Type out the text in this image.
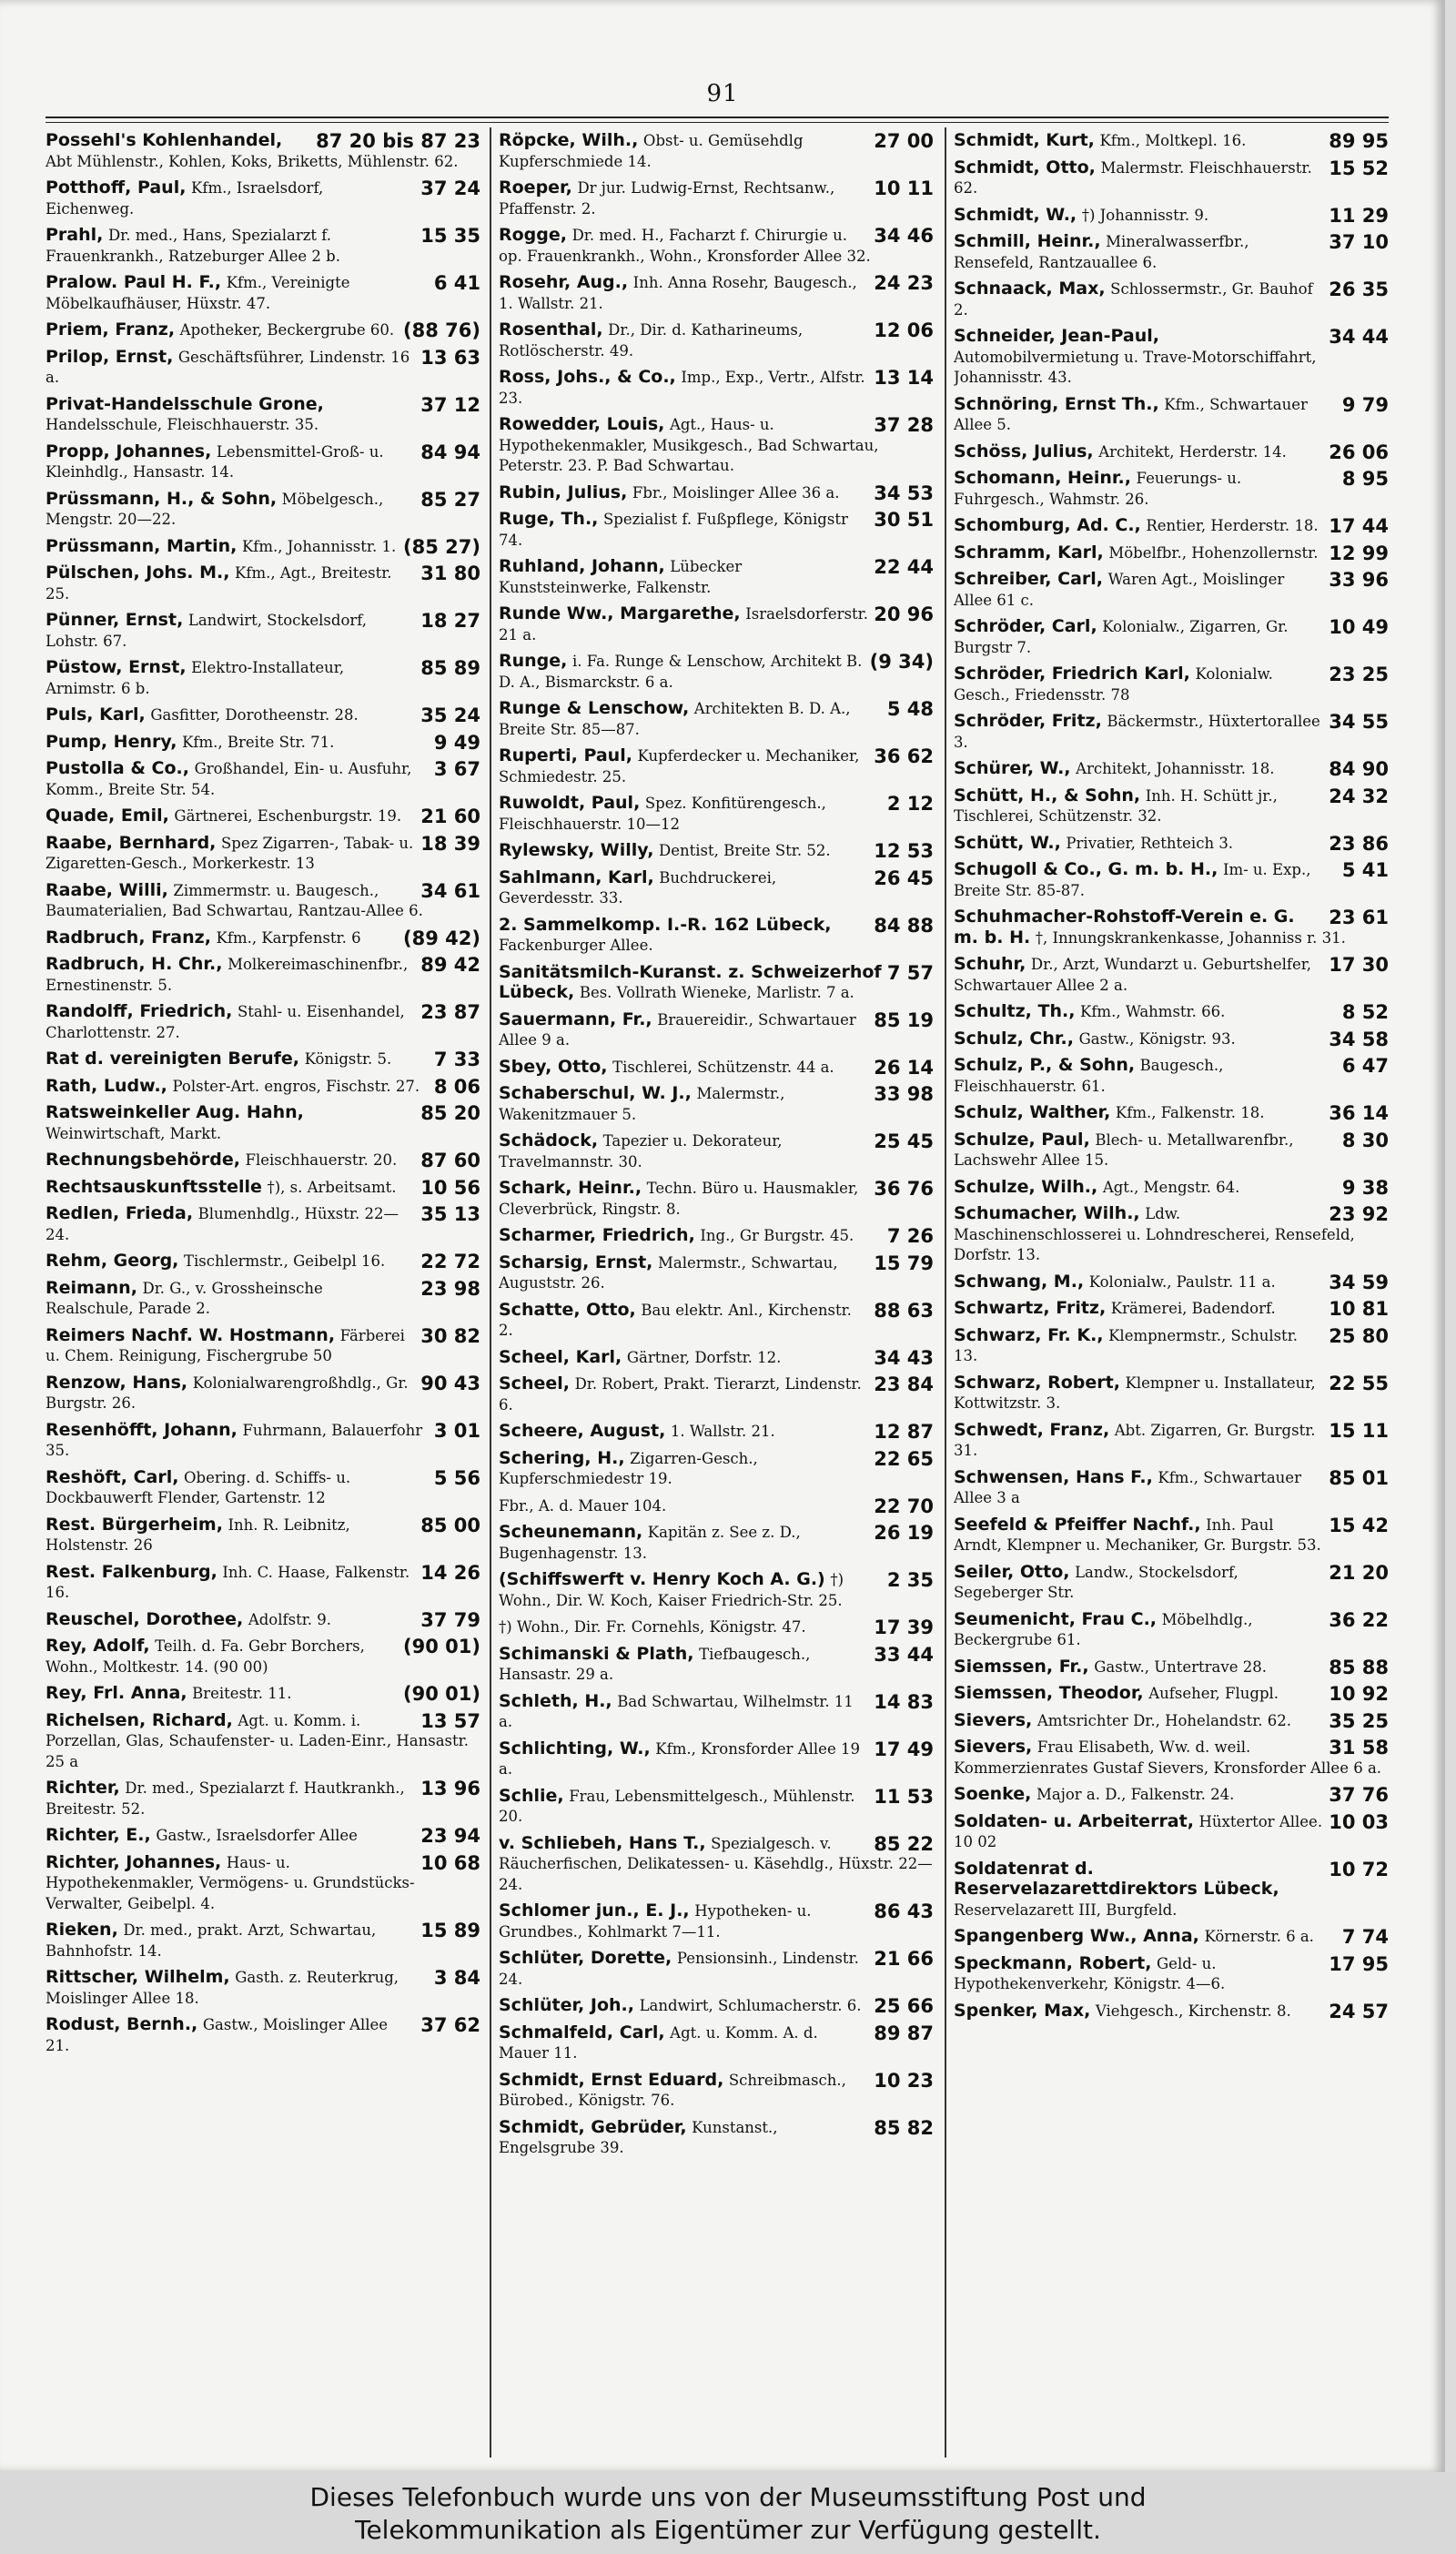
91
87 20 bis 87 23
Possehl's Kohlenhandel, Abt Mühlenstr., Kohlen, Koks, Briketts, Mühlenstr. 62.
37 24
Potthoff, Paul, Kfm., Israelsdorf, Eichenweg.
15 35
Prahl, Dr. med., Hans, Spezialarzt f. Frauenkrankh., Ratzeburger Allee 2 b.
6 41
Pralow. Paul H. F., Kfm., Vereinigte Möbelkaufhäuser, Hüxstr. 47.
(88 76)
Priem, Franz, Apotheker, Beckergrube 60.
13 63
Prilop, Ernst, Geschäftsführer, Lindenstr. 16 a.
37 12
Privat-Handelsschule Grone, Handelsschule, Fleischhauerstr. 35.
84 94
Propp, Johannes, Lebensmittel-Groß- u. Kleinhdlg., Hansastr. 14.
85 27
Prüssmann, H., & Sohn, Möbelgesch., Mengstr. 20—22.
(85 27)
Prüssmann, Martin, Kfm., Johannisstr. 1.
31 80
Pülschen, Johs. M., Kfm., Agt., Breitestr. 25.
18 27
Pünner, Ernst, Landwirt, Stockelsdorf, Lohstr. 67.
85 89
Püstow, Ernst, Elektro-Installateur, Arnimstr. 6 b.
35 24
Puls, Karl, Gasfitter, Dorotheenstr. 28.
9 49
Pump, Henry, Kfm., Breite Str. 71.
3 67
Pustolla & Co., Großhandel, Ein- u. Ausfuhr, Komm., Breite Str. 54.
21 60
Quade, Emil, Gärtnerei, Eschenburgstr. 19.
18 39
Raabe, Bernhard, Spez Zigarren-, Tabak- u. Zigaretten-Gesch., Morkerkestr. 13
34 61
Raabe, Willi, Zimmermstr. u. Baugesch., Baumaterialien, Bad Schwartau, Rantzau-Allee 6.
(89 42)
Radbruch, Franz, Kfm., Karpfenstr. 6
89 42
Radbruch, H. Chr., Molkereimaschinenfbr., Ernestinenstr. 5.
23 87
Randolff, Friedrich, Stahl- u. Eisenhandel, Charlottenstr. 27.
7 33
Rat d. vereinigten Berufe, Königstr. 5.
8 06
Rath, Ludw., Polster-Art. engros, Fischstr. 27.
85 20
Ratsweinkeller Aug. Hahn, Weinwirtschaft, Markt.
87 60
Rechnungsbehörde, Fleischhauerstr. 20.
10 56
Rechtsauskunftsstelle †), s. Arbeitsamt.
35 13
Redlen, Frieda, Blumenhdlg., Hüxstr. 22—24.
22 72
Rehm, Georg, Tischlermstr., Geibelpl 16.
23 98
Reimann, Dr. G., v. Grossheinsche Realschule, Parade 2.
30 82
Reimers Nachf. W. Hostmann, Färberei u. Chem. Reinigung, Fischergrube 50
90 43
Renzow, Hans, Kolonialwarengroßhdlg., Gr. Burgstr. 26.
3 01
Resenhöfft, Johann, Fuhrmann, Balauerfohr 35.
5 56
Reshöft, Carl, Obering. d. Schiffs- u. Dockbauwerft Flender, Gartenstr. 12
85 00
Rest. Bürgerheim, Inh. R. Leibnitz, Holstenstr. 26
14 26
Rest. Falkenburg, Inh. C. Haase, Falkenstr. 16.
37 79
Reuschel, Dorothee, Adolfstr. 9.
(90 01)
Rey, Adolf, Teilh. d. Fa. Gebr Borchers, Wohn., Moltkestr. 14. (90 00)
(90 01)
Rey, Frl. Anna, Breitestr. 11.
13 57
Richelsen, Richard, Agt. u. Komm. i. Porzellan, Glas, Schaufenster- u. Laden-Einr., Hansastr. 25 a
13 96
Richter, Dr. med., Spezialarzt f. Hautkrankh., Breitestr. 52.
23 94
Richter, E., Gastw., Israelsdorfer Allee
10 68
Richter, Johannes, Haus- u. Hypothekenmakler, Vermögens- u. Grundstücks-Verwalter, Geibelpl. 4.
15 89
Rieken, Dr. med., prakt. Arzt, Schwartau, Bahnhofstr. 14.
3 84
Rittscher, Wilhelm, Gasth. z. Reuterkrug, Moislinger Allee 18.
37 62
Rodust, Bernh., Gastw., Moislinger Allee 21.
27 00
Röpcke, Wilh., Obst- u. Gemüsehdlg Kupferschmiede 14.
10 11
Roeper, Dr jur. Ludwig-Ernst, Rechtsanw., Pfaffenstr. 2.
34 46
Rogge, Dr. med. H., Facharzt f. Chirurgie u. op. Frauenkrankh., Wohn., Kronsforder Allee 32.
24 23
Rosehr, Aug., Inh. Anna Rosehr, Baugesch., 1. Wallstr. 21.
12 06
Rosenthal, Dr., Dir. d. Katharineums, Rotlöscherstr. 49.
13 14
Ross, Johs., & Co., Imp., Exp., Vertr., Alfstr. 23.
37 28
Rowedder, Louis, Agt., Haus- u. Hypothekenmakler, Musikgesch., Bad Schwartau, Peterstr. 23. P. Bad Schwartau.
34 53
Rubin, Julius, Fbr., Moislinger Allee 36 a.
30 51
Ruge, Th., Spezialist f. Fußpflege, Königstr 74.
22 44
Ruhland, Johann, Lübecker Kunststeinwerke, Falkenstr.
20 96
Runde Ww., Margarethe, Israelsdorferstr. 21 a.
(9 34)
Runge, i. Fa. Runge & Lenschow, Architekt B. D. A., Bismarckstr. 6 a.
5 48
Runge & Lenschow, Architekten B. D. A., Breite Str. 85—87.
36 62
Ruperti, Paul, Kupferdecker u. Mechaniker, Schmiedestr. 25.
2 12
Ruwoldt, Paul, Spez. Konfitürengesch., Fleischhauerstr. 10—12
12 53
Rylewsky, Willy, Dentist, Breite Str. 52.
26 45
Sahlmann, Karl, Buchdruckerei, Geverdesstr. 33.
84 88
2. Sammelkomp. I.-R. 162 Lübeck, Fackenburger Allee.
7 57
Sanitätsmilch-Kuranst. z. Schweizerhof Lübeck, Bes. Vollrath Wieneke, Marlistr. 7 a.
85 19
Sauermann, Fr., Brauereidir., Schwartauer Allee 9 a.
26 14
Sbey, Otto, Tischlerei, Schützenstr. 44 a.
33 98
Schaberschul, W. J., Malermstr., Wakenitzmauer 5.
25 45
Schädock, Tapezier u. Dekorateur, Travelmannstr. 30.
36 76
Schark, Heinr., Techn. Büro u. Hausmakler, Cleverbrück, Ringstr. 8.
7 26
Scharmer, Friedrich, Ing., Gr Burgstr. 45.
15 79
Scharsig, Ernst, Malermstr., Schwartau, Auguststr. 26.
88 63
Schatte, Otto, Bau elektr. Anl., Kirchenstr. 2.
34 43
Scheel, Karl, Gärtner, Dorfstr. 12.
23 84
Scheel, Dr. Robert, Prakt. Tierarzt, Lindenstr. 6.
12 87
Scheere, August, 1. Wallstr. 21.
22 65
Schering, H., Zigarren-Gesch., Kupferschmiedestr 19.
22 70
Fbr., A. d. Mauer 104.
26 19
Scheunemann, Kapitän z. See z. D., Bugenhagenstr. 13.
2 35
(Schiffswerft v. Henry Koch A. G.) †) Wohn., Dir. W. Koch, Kaiser Friedrich-Str. 25.
17 39
†) Wohn., Dir. Fr. Cornehls, Königstr. 47.
33 44
Schimanski & Plath, Tiefbaugesch., Hansastr. 29 a.
14 83
Schleth, H., Bad Schwartau, Wilhelmstr. 11 a.
17 49
Schlichting, W., Kfm., Kronsforder Allee 19 a.
11 53
Schlie, Frau, Lebensmittelgesch., Mühlenstr. 20.
85 22
v. Schliebeh, Hans T., Spezialgesch. v. Räucherfischen, Delikatessen- u. Käsehdlg., Hüxstr. 22—24.
86 43
Schlomer jun., E. J., Hypotheken- u. Grundbes., Kohlmarkt 7—11.
21 66
Schlüter, Dorette, Pensionsinh., Lindenstr. 24.
25 66
Schlüter, Joh., Landwirt, Schlumacherstr. 6.
89 87
Schmalfeld, Carl, Agt. u. Komm. A. d. Mauer 11.
10 23
Schmidt, Ernst Eduard, Schreibmasch., Bürobed., Königstr. 76.
85 82
Schmidt, Gebrüder, Kunstanst., Engelsgrube 39.
89 95
Schmidt, Kurt, Kfm., Moltkepl. 16.
15 52
Schmidt, Otto, Malermstr. Fleischhauerstr. 62.
11 29
Schmidt, W., †) Johannisstr. 9.
37 10
Schmill, Heinr., Mineralwasserfbr., Rensefeld, Rantzauallee 6.
26 35
Schnaack, Max, Schlossermstr., Gr. Bauhof 2.
34 44
Schneider, Jean-Paul, Automobilvermietung u. Trave-Motorschiffahrt, Johannisstr. 43.
9 79
Schnöring, Ernst Th., Kfm., Schwartauer Allee 5.
26 06
Schöss, Julius, Architekt, Herderstr. 14.
8 95
Schomann, Heinr., Feuerungs- u. Fuhrgesch., Wahmstr. 26.
17 44
Schomburg, Ad. C., Rentier, Herderstr. 18.
12 99
Schramm, Karl, Möbelfbr., Hohenzollernstr.
33 96
Schreiber, Carl, Waren Agt., Moislinger Allee 61 c.
10 49
Schröder, Carl, Kolonialw., Zigarren, Gr. Burgstr 7.
23 25
Schröder, Friedrich Karl, Kolonialw. Gesch., Friedensstr. 78
34 55
Schröder, Fritz, Bäckermstr., Hüxtertorallee 3.
84 90
Schürer, W., Architekt, Johannisstr. 18.
24 32
Schütt, H., & Sohn, Inh. H. Schütt jr., Tischlerei, Schützenstr. 32.
23 86
Schütt, W., Privatier, Rethteich 3.
5 41
Schugoll & Co., G. m. b. H., Im- u. Exp., Breite Str. 85-87.
23 61
Schuhmacher-Rohstoff-Verein e. G. m. b. H. †, Innungskrankenkasse, Johanniss r. 31.
17 30
Schuhr, Dr., Arzt, Wundarzt u. Geburtshelfer, Schwartauer Allee 2 a.
8 52
Schultz, Th., Kfm., Wahmstr. 66.
34 58
Schulz, Chr., Gastw., Königstr. 93.
6 47
Schulz, P., & Sohn, Baugesch., Fleischhauerstr. 61.
36 14
Schulz, Walther, Kfm., Falkenstr. 18.
8 30
Schulze, Paul, Blech- u. Metallwarenfbr., Lachswehr Allee 15.
9 38
Schulze, Wilh., Agt., Mengstr. 64.
23 92
Schumacher, Wilh., Ldw. Maschinenschlosserei u. Lohndrescherei, Rensefeld, Dorfstr. 13.
34 59
Schwang, M., Kolonialw., Paulstr. 11 a.
10 81
Schwartz, Fritz, Krämerei, Badendorf.
25 80
Schwarz, Fr. K., Klempnermstr., Schulstr. 13.
22 55
Schwarz, Robert, Klempner u. Installateur, Kottwitzstr. 3.
15 11
Schwedt, Franz, Abt. Zigarren, Gr. Burgstr. 31.
85 01
Schwensen, Hans F., Kfm., Schwartauer Allee 3 a
15 42
Seefeld & Pfeiffer Nachf., Inh. Paul Arndt, Klempner u. Mechaniker, Gr. Burgstr. 53.
21 20
Seiler, Otto, Landw., Stockelsdorf, Segeberger Str.
36 22
Seumenicht, Frau C., Möbelhdlg., Beckergrube 61.
85 88
Siemssen, Fr., Gastw., Untertrave 28.
10 92
Siemssen, Theodor, Aufseher, Flugpl.
35 25
Sievers, Amtsrichter Dr., Hohelandstr. 62.
31 58
Sievers, Frau Elisabeth, Ww. d. weil. Kommerzienrates Gustaf Sievers, Kronsforder Allee 6 a.
37 76
Soenke, Major a. D., Falkenstr. 24.
10 03
Soldaten- u. Arbeiterrat, Hüxtertor Allee. 10 02
10 72
Soldatenrat d. Reservelazarettdirektors Lübeck, Reservelazarett III, Burgfeld.
7 74
Spangenberg Ww., Anna, Körnerstr. 6 a.
17 95
Speckmann, Robert, Geld- u. Hypothekenverkehr, Königstr. 4—6.
24 57
Spenker, Max, Viehgesch., Kirchenstr. 8.
Dieses Telefonbuch wurde uns von der Museumsstiftung Post und
Telekommunikation als Eigentümer zur Verfügung gestellt.
